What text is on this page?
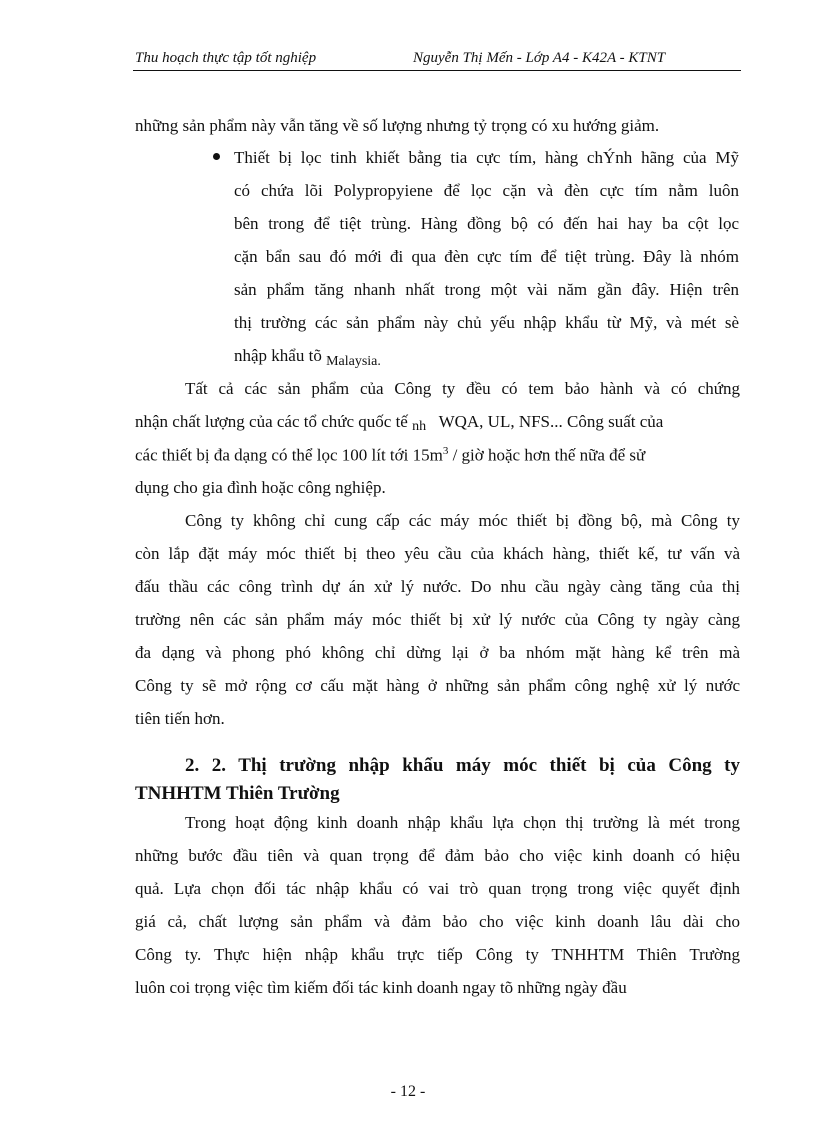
Thu hoạch thực tập tốt nghiệp	Nguyễn Thị Mến - Lớp A4 - K42A - KTNT
những sản phẩm này vẫn tăng về số lượng nhưng tỷ trọng có xu hướng giảm.
Thiết bị lọc tinh khiết bằng tia cực tím, hàng chÝnh hãng của Mỹ
có chứa lõi Polypropyiene để lọc cặn và đèn cực tím nằm luôn
bên trong để tiệt trùng. Hàng đồng bộ có đến hai hay ba cột lọc
cặn bẩn sau đó mới đi qua đèn cực tím để tiệt trùng. Đây là nhóm
sản phẩm tăng nhanh nhất trong một vài năm gần đây. Hiện trên
thị trường các sản phẩm này chủ yếu nhập khẩu từ Mỹ, và mét sè
nhập khẩu tõ $_{Malaysia.}$
Tất cả các sản phẩm của Công ty đều có tem bảo hành và có chứng
nhận chất lượng của các tổ chức quốc tế nh WQA, UL, NFS... Công suất của
các thiết bị đa dạng có thể lọc 100 lít tới $15m^3$ / giờ hoặc hơn thế nữa để sử
dụng cho gia đình hoặc công nghiệp.
Công ty không chỉ cung cấp các máy móc thiết bị đồng bộ, mà Công ty
còn lắp đặt máy móc thiết bị theo yêu cầu của khách hàng, thiết kế, tư vấn và
đấu thầu các công trình dự án xử lý nước. Do nhu cầu ngày càng tăng của thị
trường nên các sản phẩm máy móc thiết bị xử lý nước của Công ty ngày càng
đa dạng và phong phó không chỉ dừng lại ở ba nhóm mặt hàng kể trên mà
Công ty sẽ mở rộng cơ cấu mặt hàng ở những sản phẩm công nghệ xử lý nước
tiên tiến hơn.
2. 2. Thị trường nhập khẩu máy móc thiết bị của Công ty
TNHHTM Thiên Trường
Trong hoạt động kinh doanh nhập khẩu lựa chọn thị trường là mét trong
những bước đầu tiên và quan trọng để đảm bảo cho việc kinh doanh có hiệu
quả. Lựa chọn đối tác nhập khẩu có vai trò quan trọng trong việc quyết định
giá cả, chất lượng sản phẩm và đảm bảo cho việc kinh doanh lâu dài cho
Công ty. Thực hiện nhập khẩu trực tiếp Công ty TNHHTM Thiên Trường
luôn coi trọng việc tìm kiếm đối tác kinh doanh ngay tõ những ngày đầu
- 12 -
